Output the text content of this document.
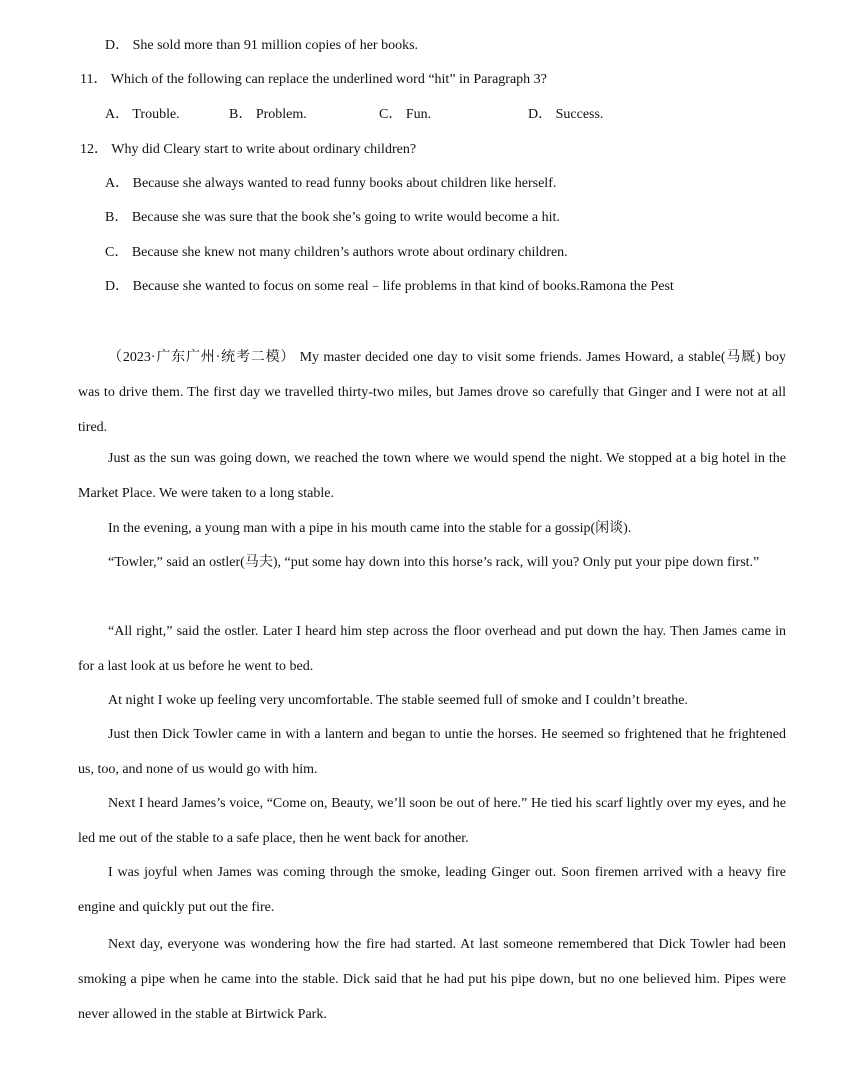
D． She sold more than 91 million copies of her books.
11． Which of the following can replace the underlined word “hit” in Paragraph 3?
A． Trouble.	B． Problem.	C． Fun.	D． Success.
12． Why did Cleary start to write about ordinary children?
A． Because she always wanted to read funny books about children like herself.
B． Because she was sure that the book she’s going to write would become a hit.
C． Because she knew not many children’s authors wrote about ordinary children.
D． Because she wanted to focus on some real﹣life problems in that kind of books.Ramona the Pest
（2023·广东广州·统考二模） My master decided one day to visit some friends. James Howard, a stable(马厩) boy was to drive them. The first day we travelled thirty-two miles, but James drove so carefully that Ginger and I were not at all tired.
Just as the sun was going down, we reached the town where we would spend the night. We stopped at a big hotel in the Market Place. We were taken to a long stable.
In the evening, a young man with a pipe in his mouth came into the stable for a gossip(闲谈).
“Towler,” said an ostler(马夫), “put some hay down into this horse’s rack, will you? Only put your pipe down first.”
“All right,” said the ostler. Later I heard him step across the floor overhead and put down the hay. Then James came in for a last look at us before he went to bed.
At night I woke up feeling very uncomfortable. The stable seemed full of smoke and I couldn’t breathe.
Just then Dick Towler came in with a lantern and began to untie the horses. He seemed so frightened that he frightened us, too, and none of us would go with him.
Next I heard James’s voice, “Come on, Beauty, we’ll soon be out of here.” He tied his scarf lightly over my eyes, and he led me out of the stable to a safe place, then he went back for another.
I was joyful when James was coming through the smoke, leading Ginger out. Soon firemen arrived with a heavy fire engine and quickly put out the fire.
Next day, everyone was wondering how the fire had started. At last someone remembered that Dick Towler had been smoking a pipe when he came into the stable. Dick said that he had put his pipe down, but no one believed him. Pipes were never allowed in the stable at Birtwick Park.
